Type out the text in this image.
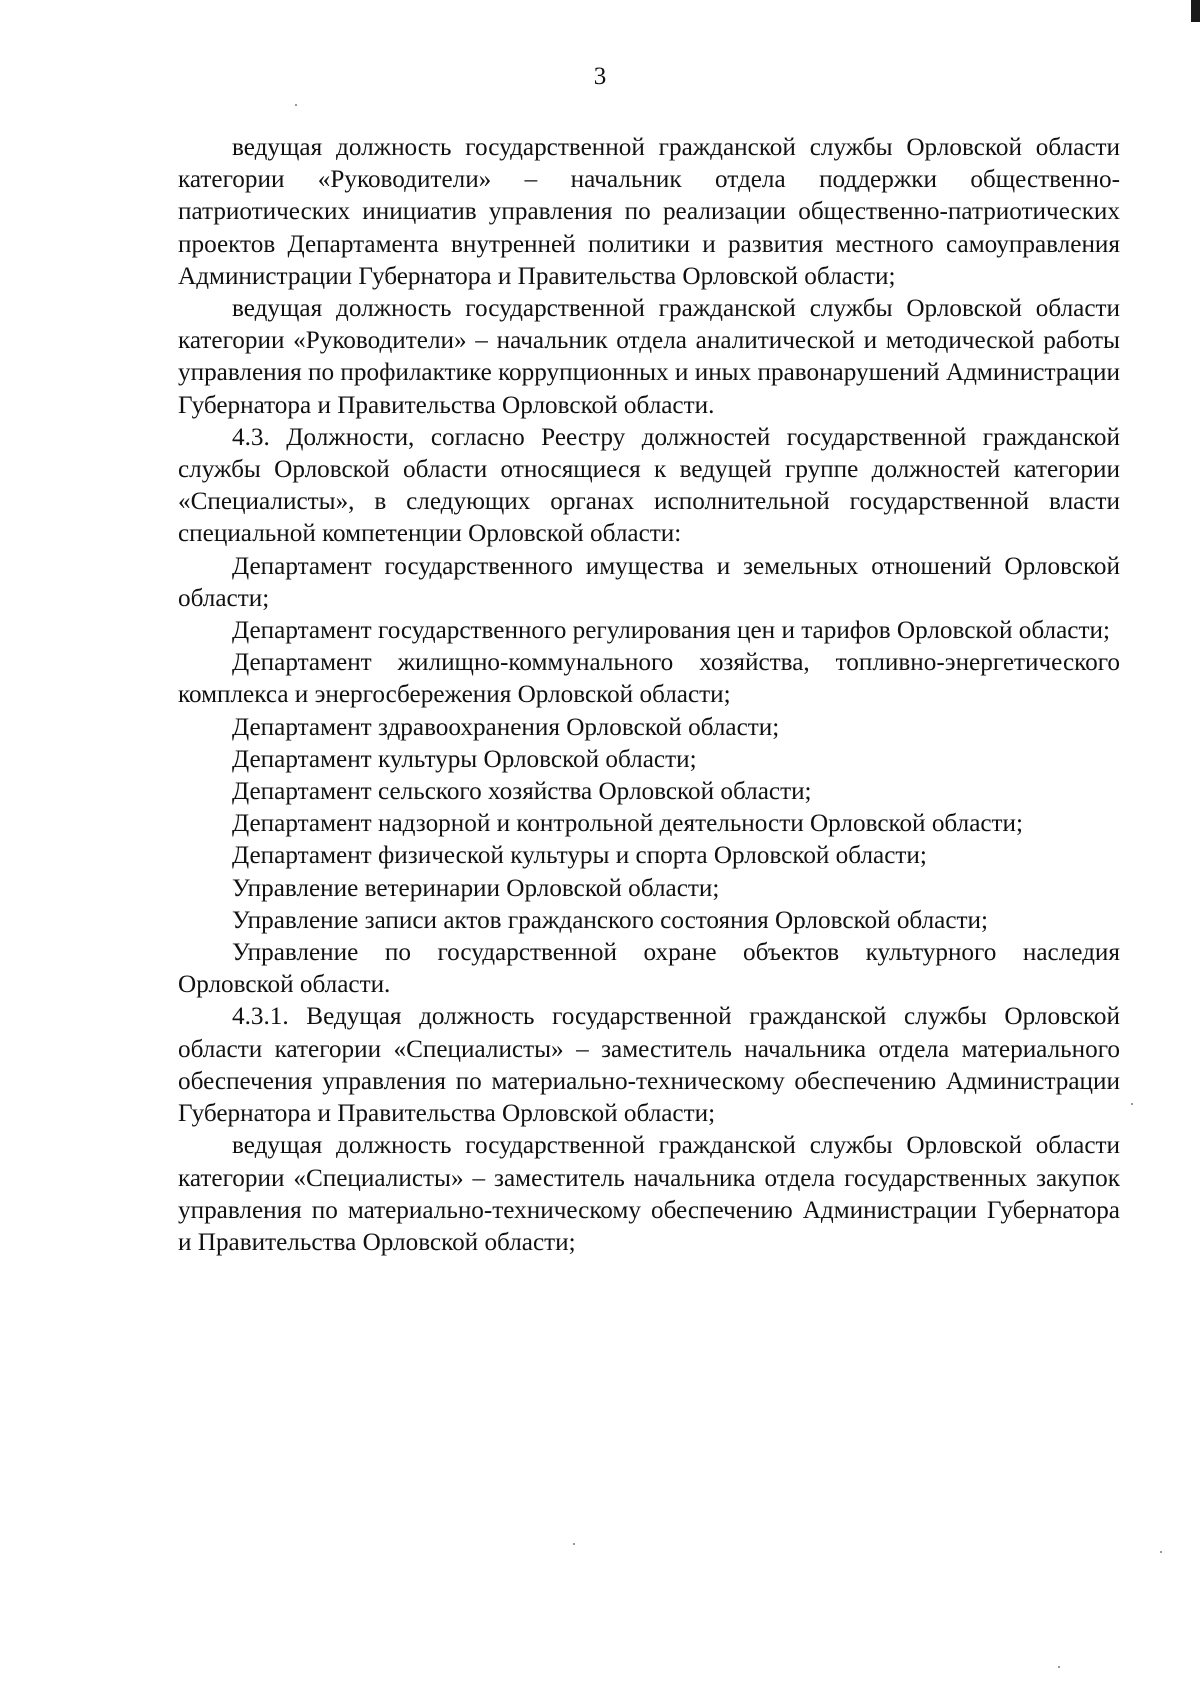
3

ведущая должность государственной гражданской службы Орловской области категории «Руководители» – начальник отдела поддержки общественно-патриотических инициатив управления по реализации общественно-патриотических проектов Департамента внутренней политики и развития местного самоуправления Администрации Губернатора и Правительства Орловской области;

ведущая должность государственной гражданской службы Орловской области категории «Руководители» – начальник отдела аналитической и методической работы управления по профилактике коррупционных и иных правонарушений Администрации Губернатора и Правительства Орловской области.

4.3. Должности, согласно Реестру должностей государственной гражданской службы Орловской области относящиеся к ведущей группе должностей категории «Специалисты», в следующих органах исполнительной государственной власти специальной компетенции Орловской области:

Департамент государственного имущества и земельных отношений Орловской области;

Департамент государственного регулирования цен и тарифов Орловской области;

Департамент жилищно-коммунального хозяйства, топливно-энергетического комплекса и энергосбережения Орловской области;

Департамент здравоохранения Орловской области;

Департамент культуры Орловской области;

Департамент сельского хозяйства Орловской области;

Департамент надзорной и контрольной деятельности Орловской области;

Департамент физической культуры и спорта Орловской области;

Управление ветеринарии Орловской области;

Управление записи актов гражданского состояния Орловской области;

Управление по государственной охране объектов культурного наследия Орловской области.

4.3.1. Ведущая должность государственной гражданской службы Орловской области категории «Специалисты» – заместитель начальника отдела материального обеспечения управления по материально-техническому обеспечению Администрации Губернатора и Правительства Орловской области;

ведущая должность государственной гражданской службы Орловской области категории «Специалисты» – заместитель начальника отдела государственных закупок управления по материально-техническому обеспечению Администрации Губернатора и Правительства Орловской области;
